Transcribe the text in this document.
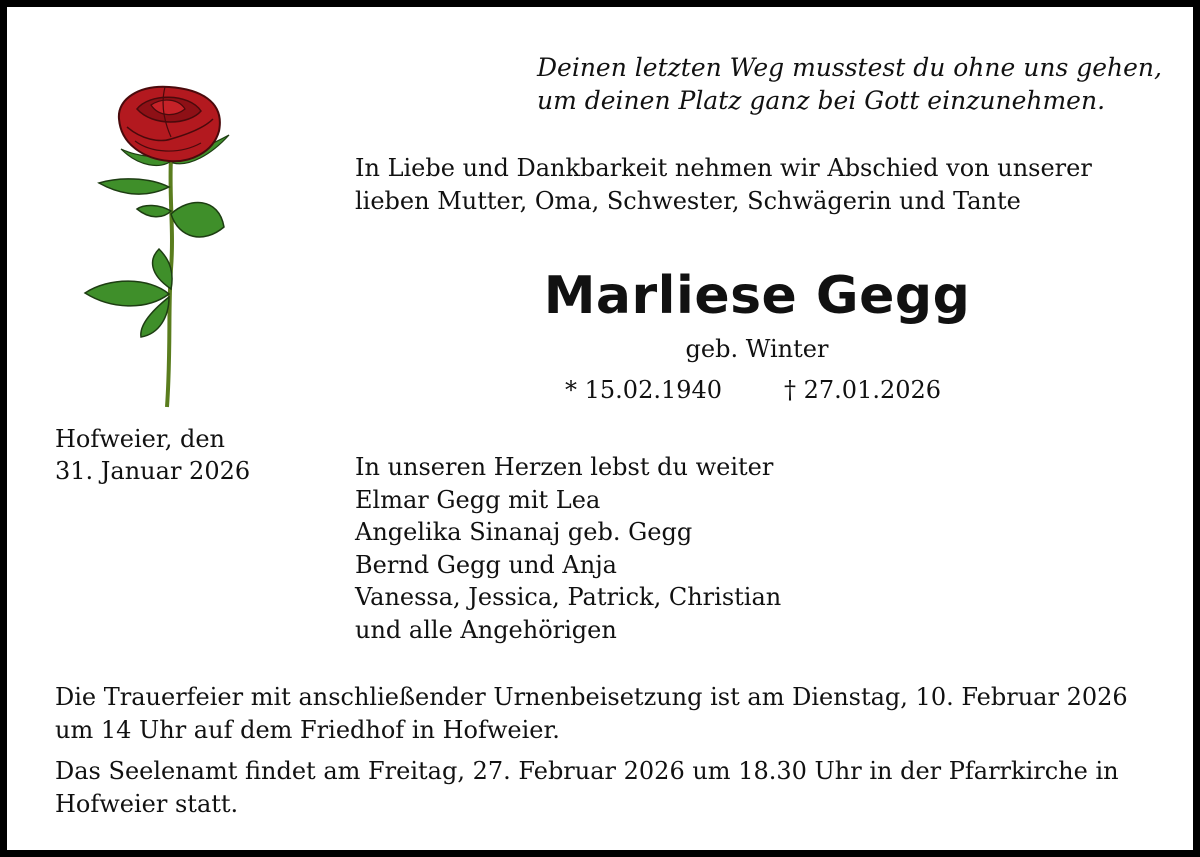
Deinen letzten Weg musstest du ohne uns gehen,
um deinen Platz ganz bei Gott einzunehmen.
In Liebe und Dankbarkeit nehmen wir Abschied von unserer
lieben Mutter, Oma, Schwester, Schwägerin und Tante
Marliese Gegg
geb. Winter
* 15.02.1940	† 27.01.2026
Hofweier, den
31. Januar 2026	In unseren Herzen lebst du weiter
Elmar Gegg mit Lea
Angelika Sinanaj geb. Gegg
Bernd Gegg und Anja
Vanessa, Jessica, Patrick, Christian
und alle Angehörigen

Die Trauerfeier mit anschließender Urnenbeisetzung ist am Dienstag, 10. Februar 2026
um 14 Uhr auf dem Friedhof in Hofweier.

Das Seelenamt findet am Freitag, 27. Februar 2026 um 18.30 Uhr in der Pfarrkirche in
Hofweier statt.
